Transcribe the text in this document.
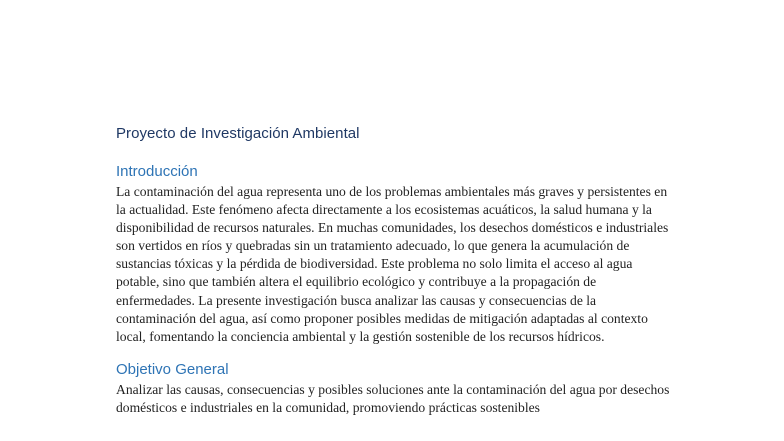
Proyecto de Investigación Ambiental
Introducción

La contaminación del agua representa uno de los problemas ambientales más graves y persistentes en la actualidad. Este fenómeno afecta directamente a los ecosistemas acuáticos, la salud humana y la disponibilidad de recursos naturales. En muchas comunidades, los desechos domésticos e industriales son vertidos en ríos y quebradas sin un tratamiento adecuado, lo que genera la acumulación de sustancias tóxicas y la pérdida de biodiversidad. Este problema no solo limita el acceso al agua potable, sino que también altera el equilibrio ecológico y contribuye a la propagación de enfermedades. La presente investigación busca analizar las causas y consecuencias de la contaminación del agua, así como proponer posibles medidas de mitigación adaptadas al contexto local, fomentando la conciencia ambiental y la gestión sostenible de los recursos hídricos.

Objetivo General

Analizar las causas, consecuencias y posibles soluciones ante la contaminación del agua por desechos domésticos e industriales en la comunidad, promoviendo prácticas sostenibles
